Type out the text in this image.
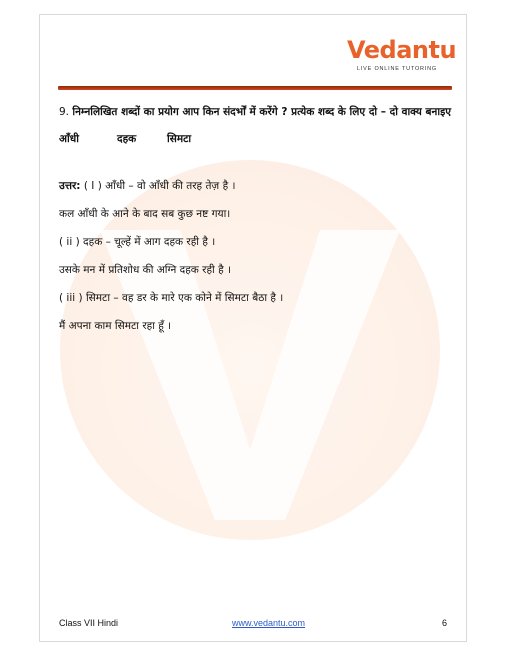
Vedantu
LIVE ONLINE TUTORING

9. निम्नलिखित शब्दों का प्रयोग आप किन संदर्भों में करेंगे ? प्रत्येक शब्द के लिए दो – दो वाक्य बनाइए

आँधी	दहक	सिमटा

उत्तर: ( I ) आँधी – वो आँधी की तरह तेज़ है ।

कल आँधी के आने के बाद सब कुछ नष्ट गया।

( ii ) दहक – चूल्हें में आग दहक रही है ।

उसके मन में प्रतिशोध की अग्नि दहक रही है ।

( iii ) सिमटा – वह डर के मारे एक कोने में सिमटा बैठा है ।

मैं अपना काम सिमटा रहा हूँ ।

Class VII Hindi	www.vedantu.com	6
